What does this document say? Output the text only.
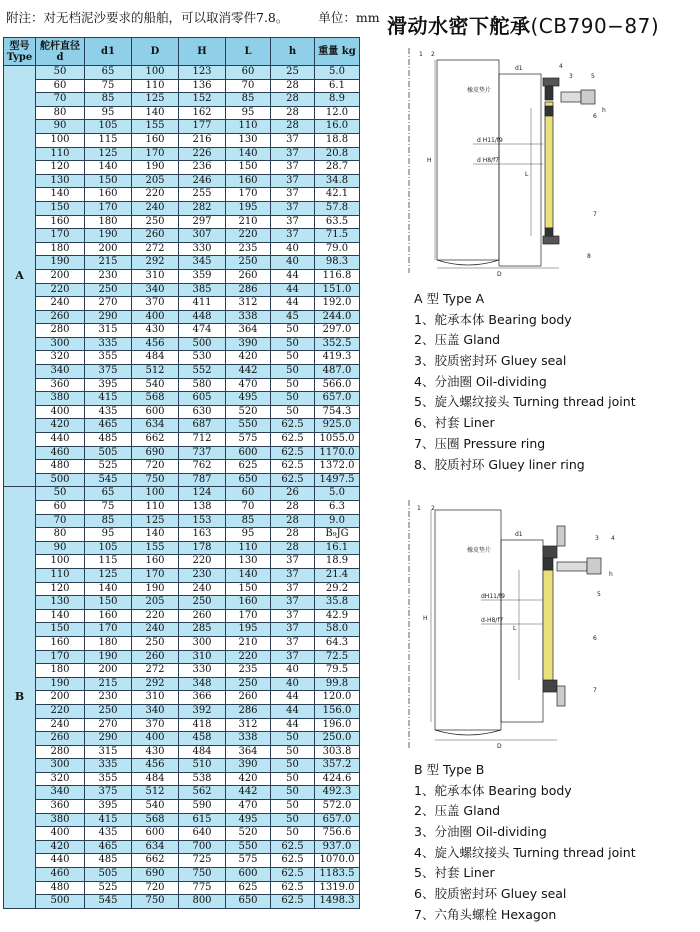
附注：对无档泥沙要求的船舶，可以取消零件7.8。 单位：mm
型号 Type	舵杆直径 d	d1	D	H	L	h	重量 kg
A	50	65	100	123	60	25	5.0
	60	75	110	136	70	28	6.1
	70	85	125	152	85	28	8.9
	80	95	140	162	95	28	12.0
	90	105	155	177	110	28	16.0
	100	115	160	216	130	37	18.8
	110	125	170	226	140	37	20.8
	120	140	190	236	150	37	28.7
	130	150	205	246	160	37	34.8
	140	160	220	255	170	37	42.1
	150	170	240	282	195	37	57.8
	160	180	250	297	210	37	63.5
	170	190	260	307	220	37	71.5
	180	200	272	330	235	40	79.0
	190	215	292	345	250	40	98.3
	200	230	310	359	260	44	116.8
	220	250	340	385	286	44	151.0
	240	270	370	411	312	44	192.0
	260	290	400	448	338	45	244.0
	280	315	430	474	364	50	297.0
	300	335	456	500	390	50	352.5
	320	355	484	530	420	50	419.3
	340	375	512	552	442	50	487.0
	360	395	540	580	470	50	566.0
	380	415	568	605	495	50	657.0
	400	435	600	630	520	50	754.3
	420	465	634	687	550	62.5	925.0
	440	485	662	712	575	62.5	1055.0
	460	505	690	737	600	62.5	1170.0
	480	525	720	762	625	62.5	1372.0
	500	545	750	787	650	62.5	1497.5
B	50	65	100	124	60	26	5.0
	60	75	110	138	70	28	6.3
	70	85	125	153	85	28	9.0
	80	95	140	163	95	28	B₉JG
	90	105	155	178	110	28	16.1
	100	115	160	220	130	37	18.9
	110	125	170	230	140	37	21.4
	120	140	190	240	150	37	29.2
	130	150	205	250	160	37	35.8
	140	160	220	260	170	37	42.9
	150	170	240	285	195	37	58.0
	160	180	250	300	210	37	64.3
	170	190	260	310	220	37	72.5
	180	200	272	330	235	40	79.5
	190	215	292	348	250	40	99.8
	200	230	310	366	260	44	120.0
	220	250	340	392	286	44	156.0
	240	270	370	418	312	44	196.0
	260	290	400	458	338	50	250.0
	280	315	430	484	364	50	303.8
	300	335	456	510	390	50	357.2
	320	355	484	538	420	50	424.6
	340	375	512	562	442	50	492.3
	360	395	540	590	470	50	572.0
	380	415	568	615	495	50	657.0
	400	435	600	640	520	50	756.6
	420	465	634	700	550	62.5	937.0
	440	485	662	725	575	62.5	1070.0
	460	505	690	750	600	62.5	1183.5
	480	525	720	775	625	62.5	1319.0
	500	545	750	800	650	62.5	1498.3
滑动水密下舵承(CB790−87)
橡皮垫片
d H11/f9
d H8/f7
H
L
D
h
d1
1 2
3
4
5
6
7
8
A 型 Type A
1、舵承本体 Bearing body
2、压盖 Gland
3、胶质密封环 Gluey seal
4、分油圈 Oil-dividing
5、旋入螺纹接头 Turning thread joint
6、衬套 Liner
7、压圈 Pressure ring
8、胶质衬环 Gluey liner ring
橡皮垫片
dH11/f9
d-H8/f7
H
L
D
h
d1
1 2
3 4
5
6
7
B 型 Type B
1、舵承本体 Bearing body
2、压盖 Gland
3、分油圈 Oil-dividing
4、旋入螺纹接头 Turning thread joint
5、衬套 Liner
6、胶质密封环 Gluey seal
7、六角头螺栓 Hexagon
